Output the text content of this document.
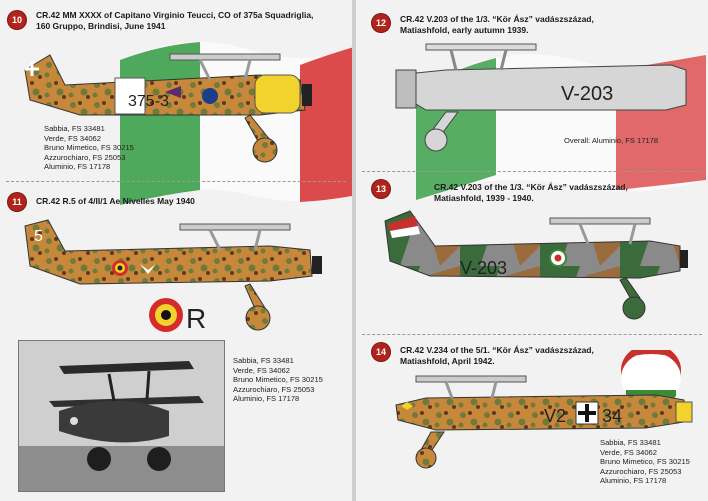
10 CR.42 MM XXXX of Capitano Virginio Teucci, CO of 375a Squadriglia,
160 Gruppo, Brindisi, June 1941
375-3
Sabbia, FS 33481
Verde, FS 34062
Bruno Mimetico, FS 30215
Azzurochiaro, FS 25053
Aluminio, FS 17178
11 CR.42 R.5 of 4/II/1 Ae Nivelles May 1940
5
R
Sabbia, FS 33481
Verde, FS 34062
Bruno Mimetico, FS 30215
Azzurochiaro, FS 25053
Aluminio, FS 17178
12 CR.42 V.203 of the 1/3. “Kör Ász” vadászszázad,
Matiashfold, early autumn 1939.
V-203
Overall: Aluminio, FS 17178
13	CR.42 V.203 of the 1/3. “Kör Ász” vadászszázad,
Matiashfold, 1939 - 1940.
V-203
14 CR.42 V.234 of the 5/1. “Kör Ász” vadászszázad,
Matiashfold, April 1942.
V2 34
Sabbia, FS 33481
Verde, FS 34062
Bruno Mimetico, FS 30215
Azzurochiaro, FS 25053
Aluminio, FS 17178
